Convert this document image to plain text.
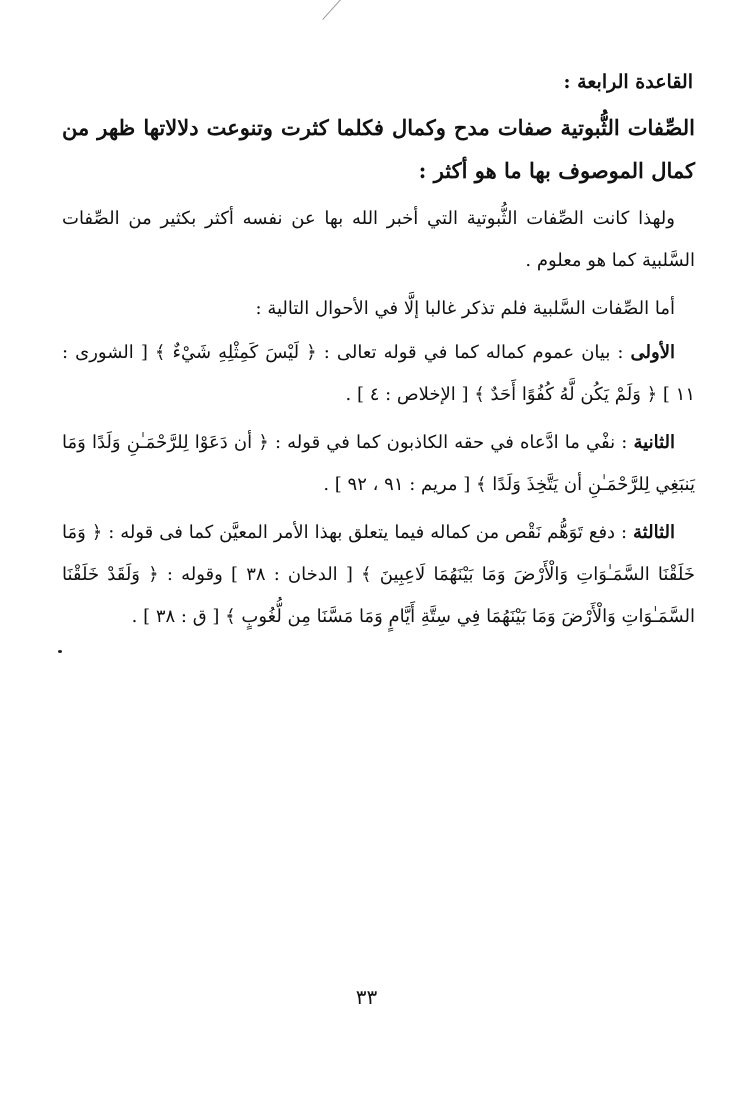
القاعدة الرابعة :
الصِّفات الثُّبوتية صفات مدح وكمال فكلما كثرت وتنوعت دلالاتها ظهر من كمال الموصوف بها ما هو أكثر :
ولهذا كانت الصِّفات الثُّبوتية التي أخبر الله بها عن نفسه أكثر بكثير من الصِّفات السَّلبية كما هو معلوم .
أما الصِّفات السَّلبية فلم تذكر غالبا إلَّا في الأحوال التالية :
الأولى : بيان عموم كماله كما في قوله تعالى : ﴿ لَيْسَ كَمِثْلِهِ شَيْءٌ ﴾ [ الشورى : ١١ ] ﴿ وَلَمْ يَكُن لَّهُ كُفُوًا أَحَدٌ ﴾ [ الإخلاص : ٤ ] .
الثانية : نفْي ما ادَّعاه في حقه الكاذبون كما في قوله : ﴿ أن دَعَوْا لِلرَّحْمَـٰنِ وَلَدًا وَمَا يَنبَغِي لِلرَّحْمَـٰنِ أن يَتَّخِذَ وَلَدًا ﴾ [ مريم : ٩١ ، ٩٢ ] .
الثالثة : دفع تَوَهُّم نَقْص من كماله فيما يتعلق بهذا الأمر المعيَّن كما فى قوله : ﴿ وَمَا خَلَقْنَا السَّمَـٰوَاتِ وَالْأَرْضَ وَمَا بَيْنَهُمَا لَاعِبِينَ ﴾ [ الدخان : ٣٨ ] وقوله : ﴿ وَلَقَدْ خَلَقْنَا السَّمَـٰوَاتِ وَالْأَرْضَ وَمَا بَيْنَهُمَا فِي سِتَّةِ أَيَّامٍ وَمَا مَسَّنَا مِن لُّغُوبٍ ﴾ [ ق : ٣٨ ] .
٣٣
